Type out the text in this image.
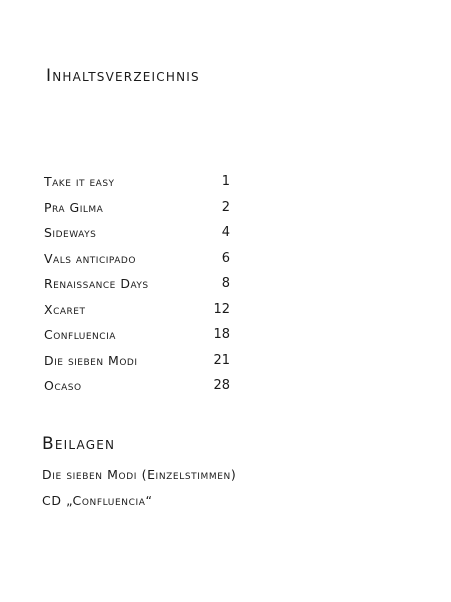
Inhaltsverzeichnis
Take it easy	1
Pra Gilma	2
Sideways	4
Vals anticipado	6
Renaissance Days	8
Xcaret	12
Confluencia	18
Die sieben Modi	21
Ocaso	28
Beilagen
Die sieben Modi (Einzelstimmen)
CD „Confluencia“
